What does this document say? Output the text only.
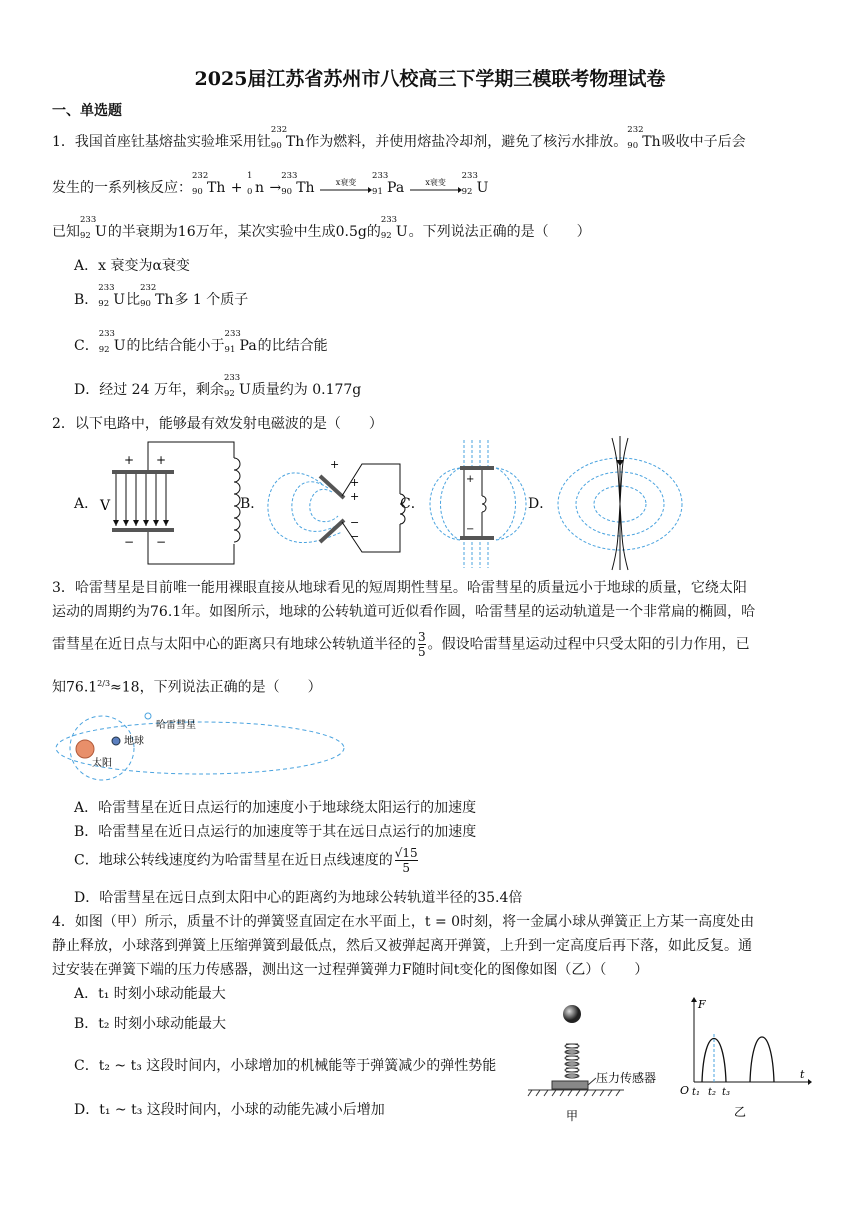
2025届江苏省苏州市八校高三下学期三模联考物理试卷
一、单选题
1．我国首座钍基熔盐实验堆采用钍
232
90 Th作为燃料，并使用熔盐冷却剂，避免了核污水排放。
232
90 Th吸收中子后会
发生的一系列核反应：
232
90 Th +
1
0 n →
233
90 Th	x衰变
233
91 Pa	x衰变
233
92 U
已知
233
92 U的半衰期为16万年，某次实验中生成0.5g的
233
92 U。下列说法正确的是（　　）
A．x 衰变为α衰变
B．
233
92 U比
232
90 Th多 1 个质子
C．
233
92 U的比结合能小于
233
91 Pa的比结合能
D．经过 24 万年，剩余
233
92 U质量约为 0.177g
2．以下电路中，能够最有效发射电磁波的是（　　）
A． V
+ +
− −
B．
+
+
+
−
−
C．
+
−
D．
3．哈雷彗星是目前唯一能用裸眼直接从地球看见的短周期性彗星。哈雷彗星的质量远小于地球的质量，它绕太阳
运动的周期约为76.1年。如图所示，地球的公转轨道可近似看作圆，哈雷彗星的运动轨道是一个非常扁的椭圆，哈
雷彗星在近日点与太阳中心的距离只有地球公转轨道半径的 $\frac{3}{5}$ 。假设哈雷彗星运动过程中只受太阳的引力作用，已
知$76.1^{2/3}\approx 18$，下列说法正确的是（　　）
哈雷彗星
地球
太阳
A．哈雷彗星在近日点运行的加速度小于地球绕太阳运行的加速度
B．哈雷彗星在近日点运行的加速度等于其在远日点运行的加速度
C．地球公转线速度约为哈雷彗星在近日点线速度的 $\frac{√15}{5}$
D．哈雷彗星在远日点到太阳中心的距离约为地球公转轨道半径的35.4倍
4．如图（甲）所示，质量不计的弹簧竖直固定在水平面上，t = 0时刻，将一金属小球从弹簧正上方某一高度处由
静止释放，小球落到弹簧上压缩弹簧到最低点，然后又被弹起离开弹簧，上升到一定高度后再下落，如此反复。通
过安装在弹簧下端的压力传感器，测出这一过程弹簧弹力F随时间t变化的图像如图（乙）（　　）
A．t₁ 时刻小球动能最大
B．t₂ 时刻小球动能最大
C．t₂ ~ t₃ 这段时间内，小球增加的机械能等于弹簧减少的弹性势能
D．t₁ ~ t₃ 这段时间内，小球的动能先减小后增加
压力传感器
甲
F
t
O t₁ t₂ t₃
乙
